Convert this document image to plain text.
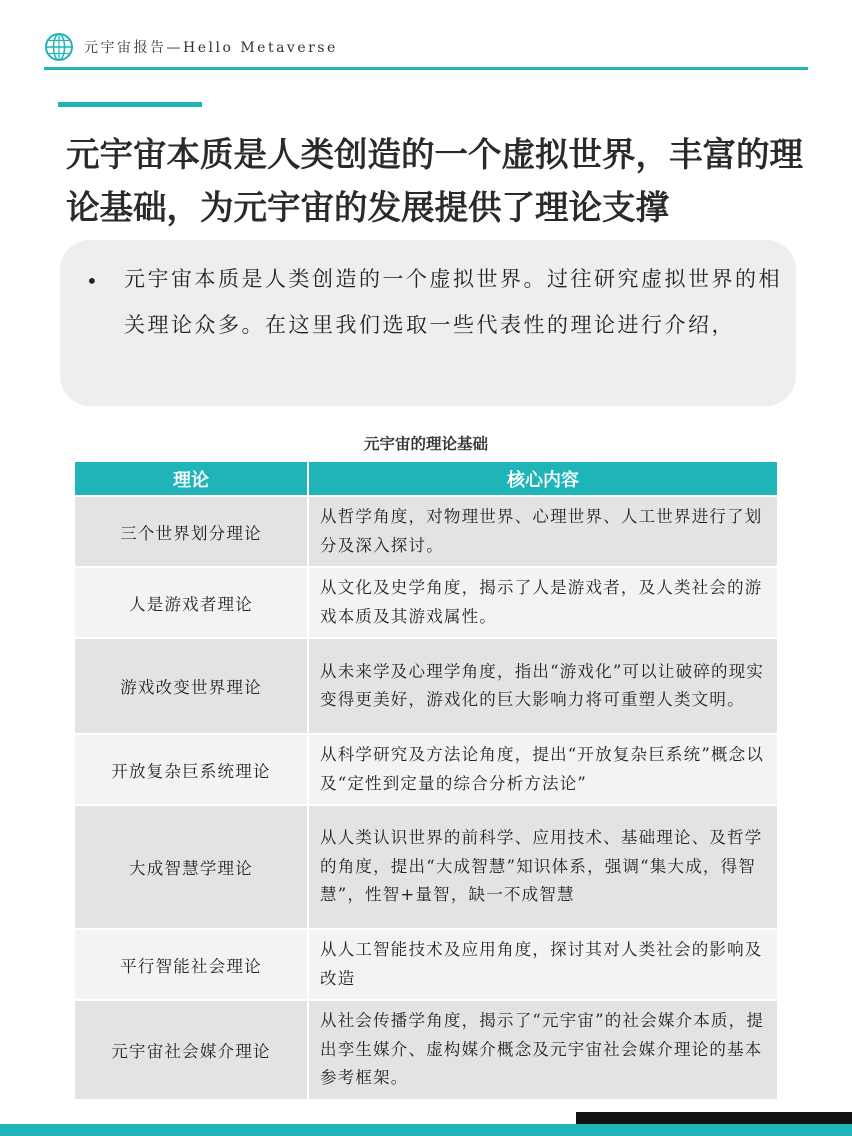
元宇宙报告—Hello Metaverse
元宇宙本质是人类创造的一个虚拟世界，丰富的理论基础，为元宇宙的发展提供了理论支撑
• 元宇宙本质是人类创造的一个虚拟世界。过往研究虚拟世界的相关理论众多。在这里我们选取一些代表性的理论进行介绍，
元宇宙的理论基础
理论	核心内容
三个世界划分理论	从哲学角度，对物理世界、心理世界、人工世界进行了划分及深入探讨。
人是游戏者理论	从文化及史学角度，揭示了人是游戏者，及人类社会的游戏本质及其游戏属性。
游戏改变世界理论	从未来学及心理学角度，指出“游戏化”可以让破碎的现实变得更美好，游戏化的巨大影响力将可重塑人类文明。
开放复杂巨系统理论	从科学研究及方法论角度，提出“开放复杂巨系统”概念以及“定性到定量的综合分析方法论”
大成智慧学理论	从人类认识世界的前科学、应用技术、基础理论、及哲学的角度，提出“大成智慧”知识体系，强调“集大成，得智慧”，性智+量智，缺一不成智慧
平行智能社会理论	从人工智能技术及应用角度，探讨其对人类社会的影响及改造
元宇宙社会媒介理论	从社会传播学角度，揭示了“元宇宙”的社会媒介本质，提出孪生媒介、虚构媒介概念及元宇宙社会媒介理论的基本参考框架。
